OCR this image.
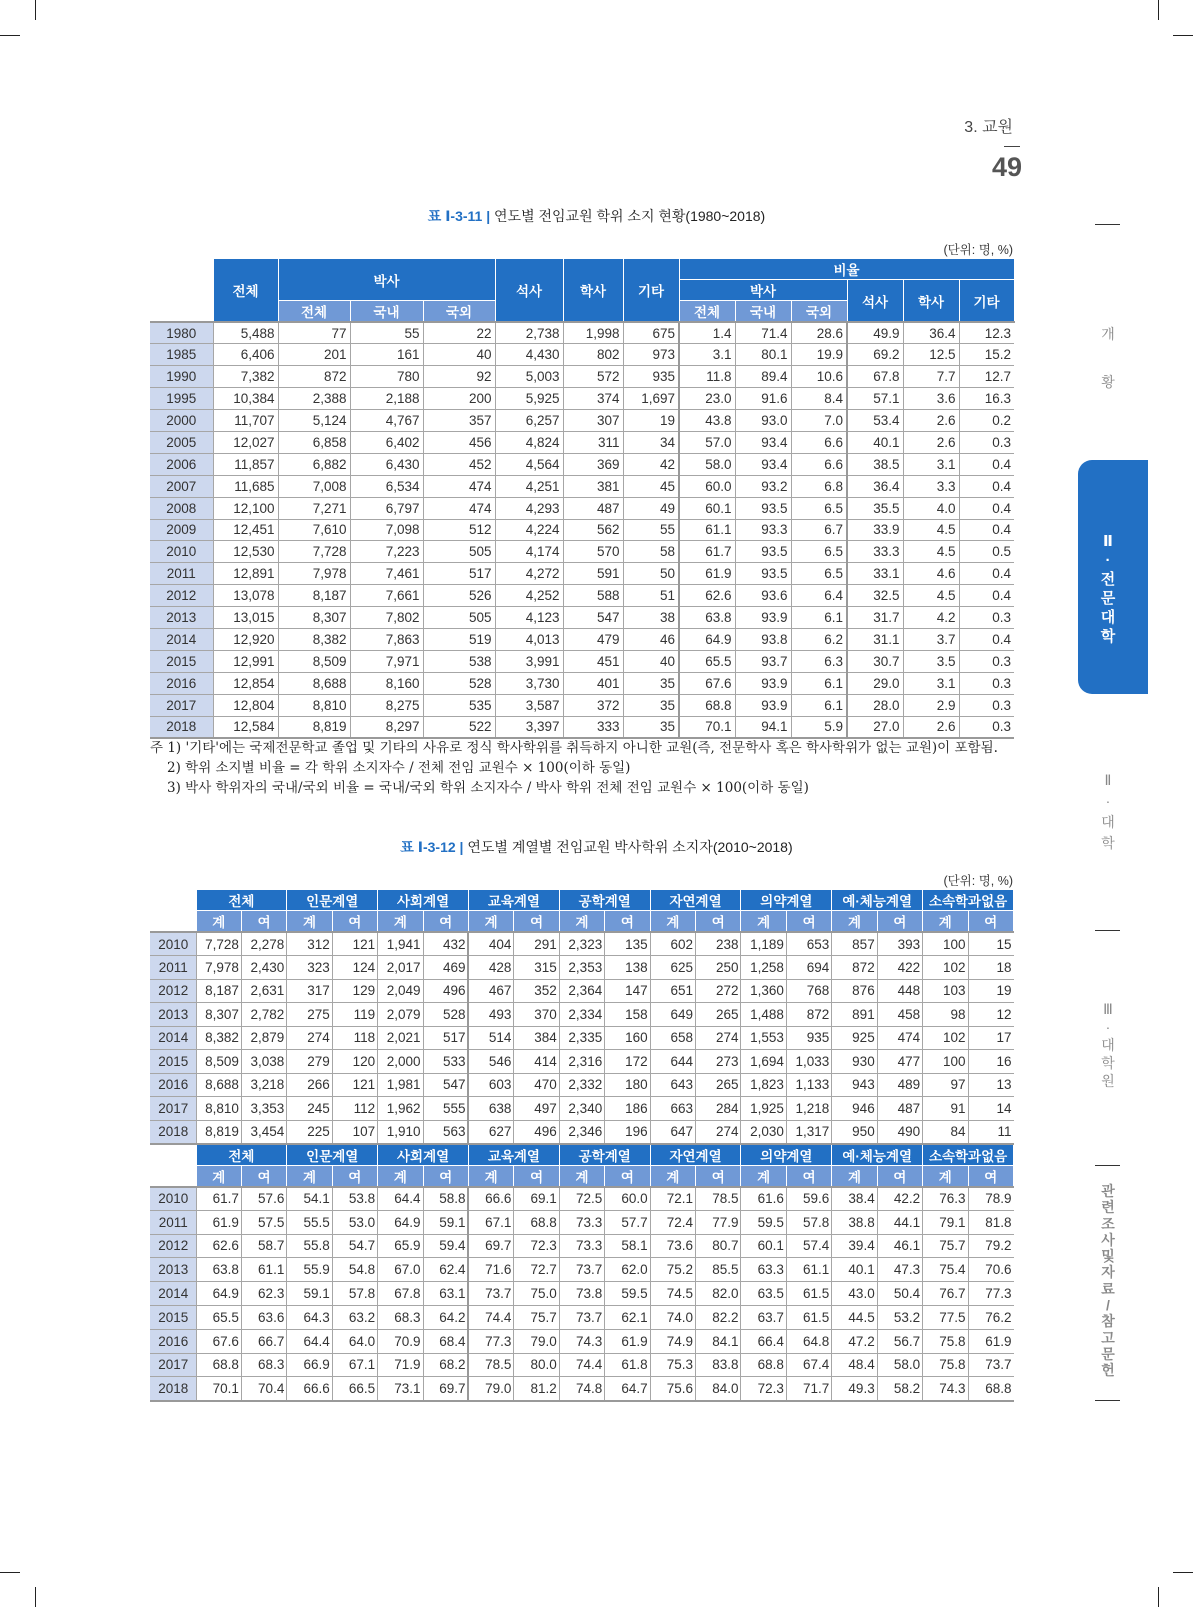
3. 교원
49
개
황
Ⅱ
·
전
문
대
학
Ⅱ
·
대
학
Ⅲ
·
대
학
원
관
련
조
사
및
자
료
/
참
고
문
헌
표 Ⅰ-3-11 | 연도별 전임교원 학위 소지 현황(1980~2018)
(단위: 명, %)
	전체	박사			석사	학사	기타	비율					
								박사			석사	학사	기타
		전체	국내	국외				전체	국내	국외			
1980	5,488	77	55	22	2,738	1,998	675	1.4	71.4	28.6	49.9	36.4	12.3
1985	6,406	201	161	40	4,430	802	973	3.1	80.1	19.9	69.2	12.5	15.2
1990	7,382	872	780	92	5,003	572	935	11.8	89.4	10.6	67.8	7.7	12.7
1995	10,384	2,388	2,188	200	5,925	374	1,697	23.0	91.6	8.4	57.1	3.6	16.3
2000	11,707	5,124	4,767	357	6,257	307	19	43.8	93.0	7.0	53.4	2.6	0.2
2005	12,027	6,858	6,402	456	4,824	311	34	57.0	93.4	6.6	40.1	2.6	0.3
2006	11,857	6,882	6,430	452	4,564	369	42	58.0	93.4	6.6	38.5	3.1	0.4
2007	11,685	7,008	6,534	474	4,251	381	45	60.0	93.2	6.8	36.4	3.3	0.4
2008	12,100	7,271	6,797	474	4,293	487	49	60.1	93.5	6.5	35.5	4.0	0.4
2009	12,451	7,610	7,098	512	4,224	562	55	61.1	93.3	6.7	33.9	4.5	0.4
2010	12,530	7,728	7,223	505	4,174	570	58	61.7	93.5	6.5	33.3	4.5	0.5
2011	12,891	7,978	7,461	517	4,272	591	50	61.9	93.5	6.5	33.1	4.6	0.4
2012	13,078	8,187	7,661	526	4,252	588	51	62.6	93.6	6.4	32.5	4.5	0.4
2013	13,015	8,307	7,802	505	4,123	547	38	63.8	93.9	6.1	31.7	4.2	0.3
2014	12,920	8,382	7,863	519	4,013	479	46	64.9	93.8	6.2	31.1	3.7	0.4
2015	12,991	8,509	7,971	538	3,991	451	40	65.5	93.7	6.3	30.7	3.5	0.3
2016	12,854	8,688	8,160	528	3,730	401	35	67.6	93.9	6.1	29.0	3.1	0.3
2017	12,804	8,810	8,275	535	3,587	372	35	68.8	93.9	6.1	28.0	2.9	0.3
2018	12,584	8,819	8,297	522	3,397	333	35	70.1	94.1	5.9	27.0	2.6	0.3
주 1) '기타'에는 국제전문학교 졸업 및 기타의 사유로 정식 학사학위를 취득하지 아니한 교원(즉, 전문학사 혹은 학사학위가 없는 교원)이 포함됨.
2) 학위 소지별 비율 = 각 학위 소지자수 / 전체 전임 교원수 × 100(이하 동일)
3) 박사 학위자의 국내/국외 비율 = 국내/국외 학위 소지자수 / 박사 학위 전체 전임 교원수 × 100(이하 동일)
표 Ⅰ-3-12 | 연도별 계열별 전임교원 박사학위 소지자(2010~2018)
(단위: 명, %)
	전체		인문계열		사회계열		교육계열		공학계열		자연계열		의약계열		예·체능계열		소속학과없음	
	계	여	계	여	계	여	계	여	계	여	계	여	계	여	계	여	계	여
2010	7,728	2,278	312	121	1,941	432	404	291	2,323	135	602	238	1,189	653	857	393	100	15
2011	7,978	2,430	323	124	2,017	469	428	315	2,353	138	625	250	1,258	694	872	422	102	18
2012	8,187	2,631	317	129	2,049	496	467	352	2,364	147	651	272	1,360	768	876	448	103	19
2013	8,307	2,782	275	119	2,079	528	493	370	2,334	158	649	265	1,488	872	891	458	98	12
2014	8,382	2,879	274	118	2,021	517	514	384	2,335	160	658	274	1,553	935	925	474	102	17
2015	8,509	3,038	279	120	2,000	533	546	414	2,316	172	644	273	1,694	1,033	930	477	100	16
2016	8,688	3,218	266	121	1,981	547	603	470	2,332	180	643	265	1,823	1,133	943	489	97	13
2017	8,810	3,353	245	112	1,962	555	638	497	2,340	186	663	284	1,925	1,218	946	487	91	14
2018	8,819	3,454	225	107	1,910	563	627	496	2,346	196	647	274	2,030	1,317	950	490	84	11
	전체		인문계열		사회계열		교육계열		공학계열		자연계열		의약계열		예·체능계열		소속학과없음	
	계	여	계	여	계	여	계	여	계	여	계	여	계	여	계	여	계	여
2010	61.7	57.6	54.1	53.8	64.4	58.8	66.6	69.1	72.5	60.0	72.1	78.5	61.6	59.6	38.4	42.2	76.3	78.9
2011	61.9	57.5	55.5	53.0	64.9	59.1	67.1	68.8	73.3	57.7	72.4	77.9	59.5	57.8	38.8	44.1	79.1	81.8
2012	62.6	58.7	55.8	54.7	65.9	59.4	69.7	72.3	73.3	58.1	73.6	80.7	60.1	57.4	39.4	46.1	75.7	79.2
2013	63.8	61.1	55.9	54.8	67.0	62.4	71.6	72.7	73.7	62.0	75.2	85.5	63.3	61.1	40.1	47.3	75.4	70.6
2014	64.9	62.3	59.1	57.8	67.8	63.1	73.7	75.0	73.8	59.5	74.5	82.0	63.5	61.5	43.0	50.4	76.7	77.3
2015	65.5	63.6	64.3	63.2	68.3	64.2	74.4	75.7	73.7	62.1	74.0	82.2	63.7	61.5	44.5	53.2	77.5	76.2
2016	67.6	66.7	64.4	64.0	70.9	68.4	77.3	79.0	74.3	61.9	74.9	84.1	66.4	64.8	47.2	56.7	75.8	61.9
2017	68.8	68.3	66.9	67.1	71.9	68.2	78.5	80.0	74.4	61.8	75.3	83.8	68.8	67.4	48.4	58.0	75.8	73.7
2018	70.1	70.4	66.6	66.5	73.1	69.7	79.0	81.2	74.8	64.7	75.6	84.0	72.3	71.7	49.3	58.2	74.3	68.8
